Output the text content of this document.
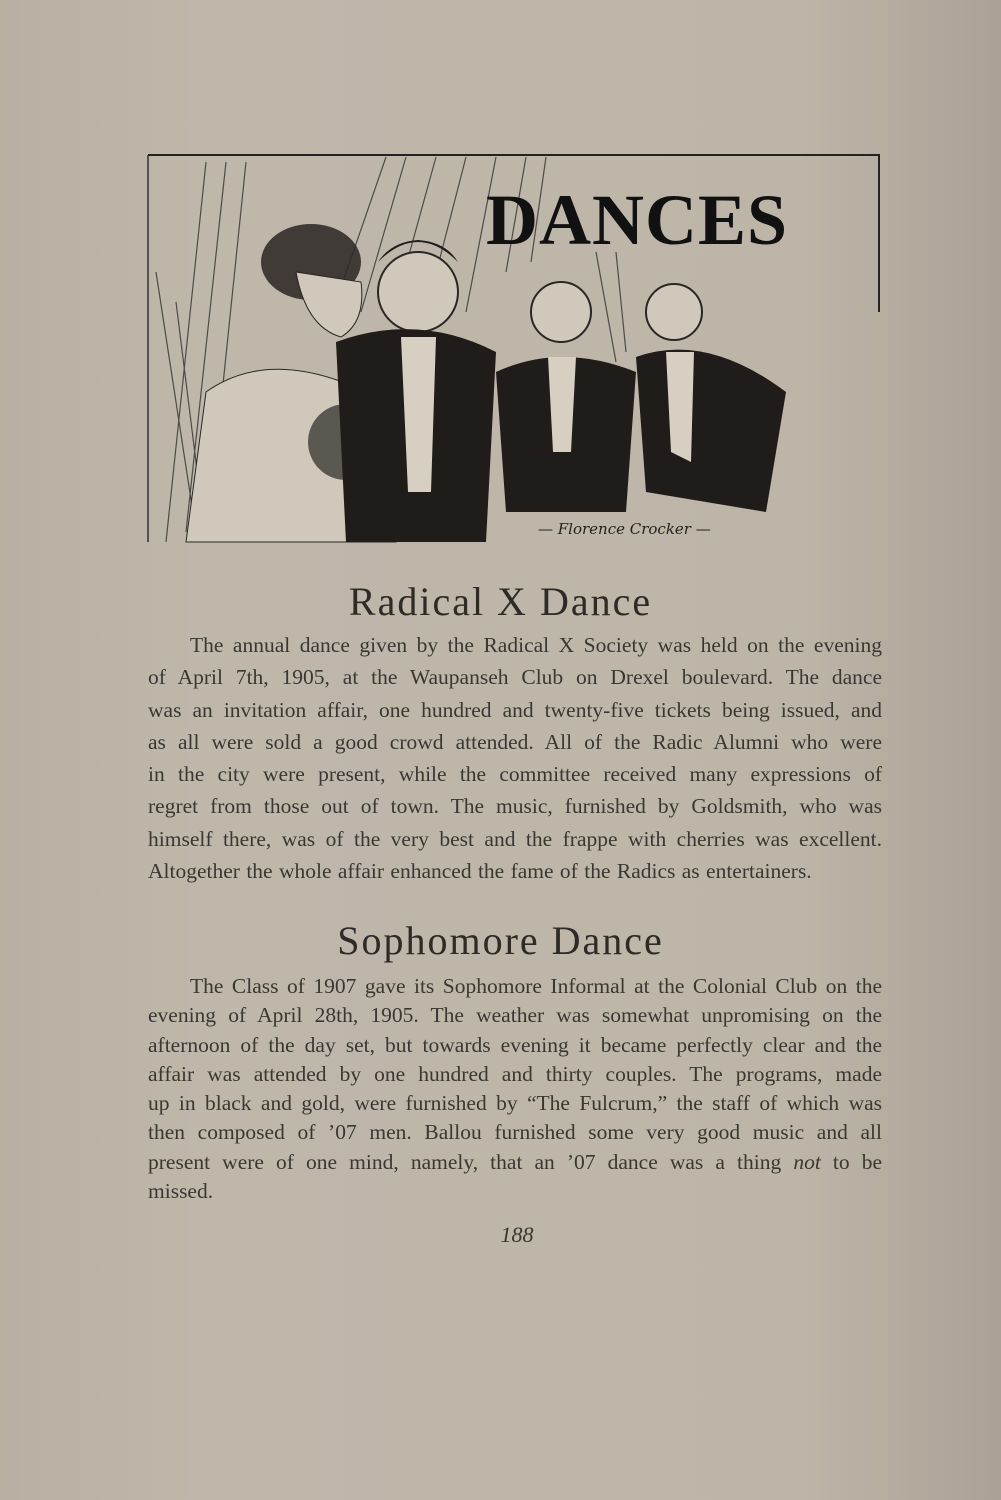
DANCES
— Florence Crocker —
Radical X Dance
The annual dance given by the Radical X Society was held on the evening
of April 7th, 1905, at the Waupanseh Club on Drexel boulevard. The dance
was an invitation affair, one hundred and twenty-five tickets being issued, and
as all were sold a good crowd attended. All of the Radic Alumni who were
in the city were present, while the committee received many expressions of
regret from those out of town. The music, furnished by Goldsmith, who was
himself there, was of the very best and the frappe with cherries was excellent.
Altogether the whole affair enhanced the fame of the Radics as entertainers.
Sophomore Dance
The Class of 1907 gave its Sophomore Informal at the Colonial Club on the
evening of April 28th, 1905. The weather was somewhat unpromising on the
afternoon of the day set, but towards evening it became perfectly clear and the
affair was attended by one hundred and thirty couples. The programs, made
up in black and gold, were furnished by “The Fulcrum,” the staff of which was
then composed of ’07 men. Ballou furnished some very good music and all
present were of one mind, namely, that an ’07 dance was a thing not to be
missed.
188
